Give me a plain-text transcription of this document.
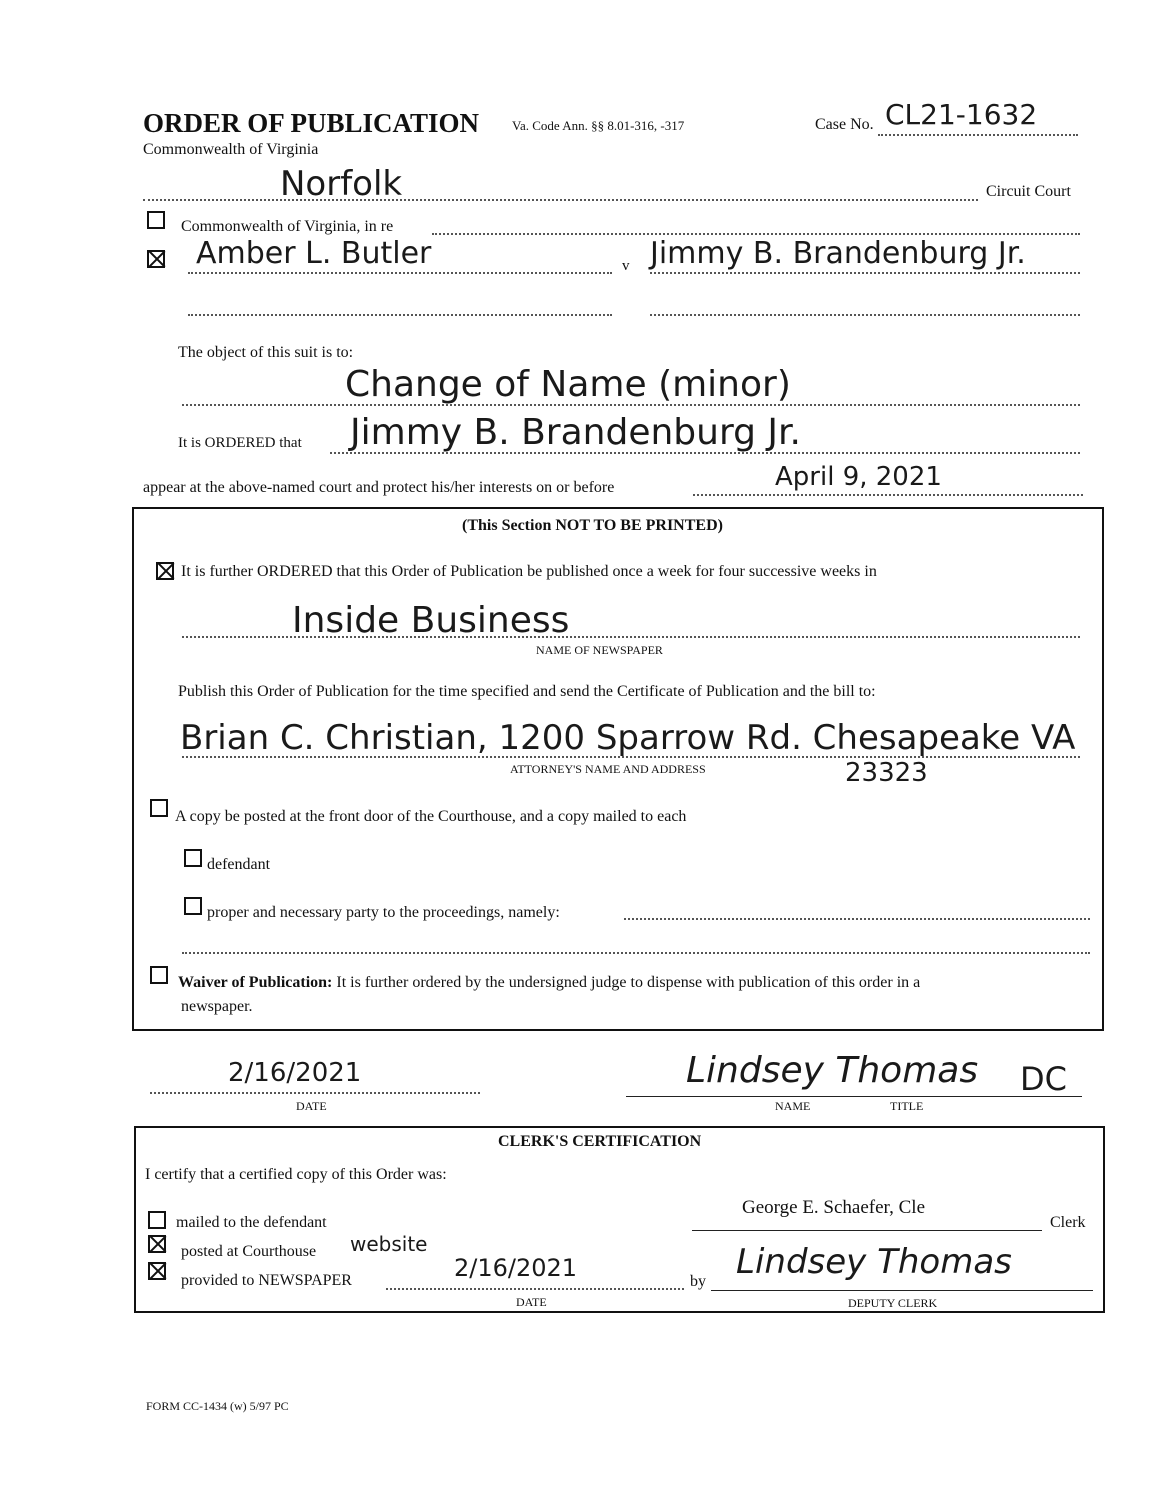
ORDER OF PUBLICATION
Commonwealth of Virginia
Va. Code Ann. §§ 8.01-316, -317	Case No. CL21-1632
Norfolk	Circuit Court
Commonwealth of Virginia, in re
Amber L. Butler	v Jimmy B. Brandenburg Jr.
The object of this suit is to:
Change of Name (minor)
It is ORDERED that Jimmy B. Brandenburg Jr.
appear at the above-named court and protect his/her interests on or before	April 9, 2021
(This Section NOT TO BE PRINTED)
It is further ORDERED that this Order of Publication be published once a week for four successive weeks in
Inside Business
NAME OF NEWSPAPER
Publish this Order of Publication for the time specified and send the Certificate of Publication and the bill to:
Brian C. Christian, 1200 Sparrow Rd. Chesapeake VA
ATTORNEY'S NAME AND ADDRESS	23323
A copy be posted at the front door of the Courthouse, and a copy mailed to each
defendant
proper and necessary party to the proceedings, namely:
Waiver of Publication: It is further ordered by the undersigned judge to dispense with publication of this order in a
newspaper.
2/16/2021
DATE
Lindsey Thomas DC
NAME	TITLE
CLERK'S CERTIFICATION
I certify that a certified copy of this Order was:
mailed to the defendant
posted at Courthouse website
provided to NEWSPAPER	2/16/2021
DATE
George E. Schaefer, Cle
Clerk
by Lindsey Thomas
DEPUTY CLERK
FORM CC-1434 (w) 5/97 PC
